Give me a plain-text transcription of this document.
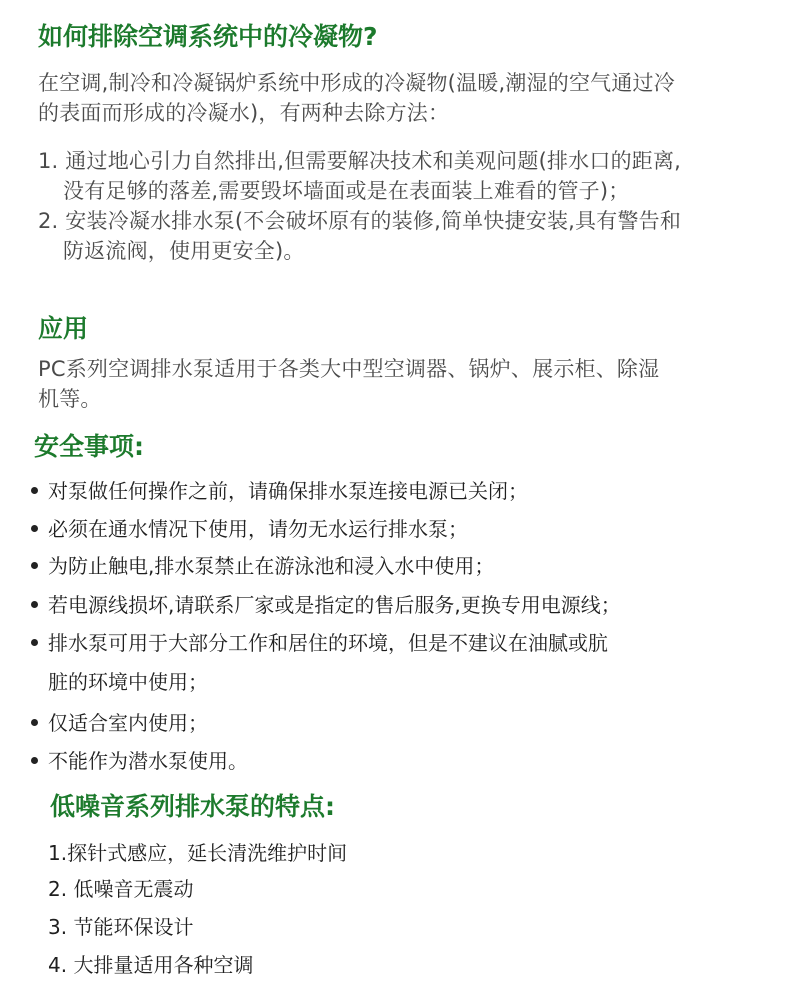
如何排除空调系统中的冷凝物?
在空调,制冷和冷凝锅炉系统中形成的冷凝物(温暖,潮湿的空气通过冷
的表面而形成的冷凝水)，有两种去除方法：
1. 通过地心引力自然排出,但需要解决技术和美观问题(排水口的距离,
没有足够的落差,需要毁坏墙面或是在表面装上难看的管子)；
2. 安装冷凝水排水泵(不会破坏原有的装修,简单快捷安装,具有警告和
防返流阀，使用更安全)。
应用
PC系列空调排水泵适用于各类大中型空调器、锅炉、展示柜、除湿
机等。
安全事项:
对泵做任何操作之前，请确保排水泵连接电源已关闭；
必须在通水情况下使用，请勿无水运行排水泵；
为防止触电,排水泵禁止在游泳池和浸入水中使用；
若电源线损坏,请联系厂家或是指定的售后服务,更换专用电源线；
排水泵可用于大部分工作和居住的环境，但是不建议在油腻或肮
脏的环境中使用；
仅适合室内使用；
不能作为潜水泵使用。
低噪音系列排水泵的特点:
1.探针式感应，延长清洗维护时间
2. 低噪音无震动
3. 节能环保设计
4. 大排量适用各种空调
